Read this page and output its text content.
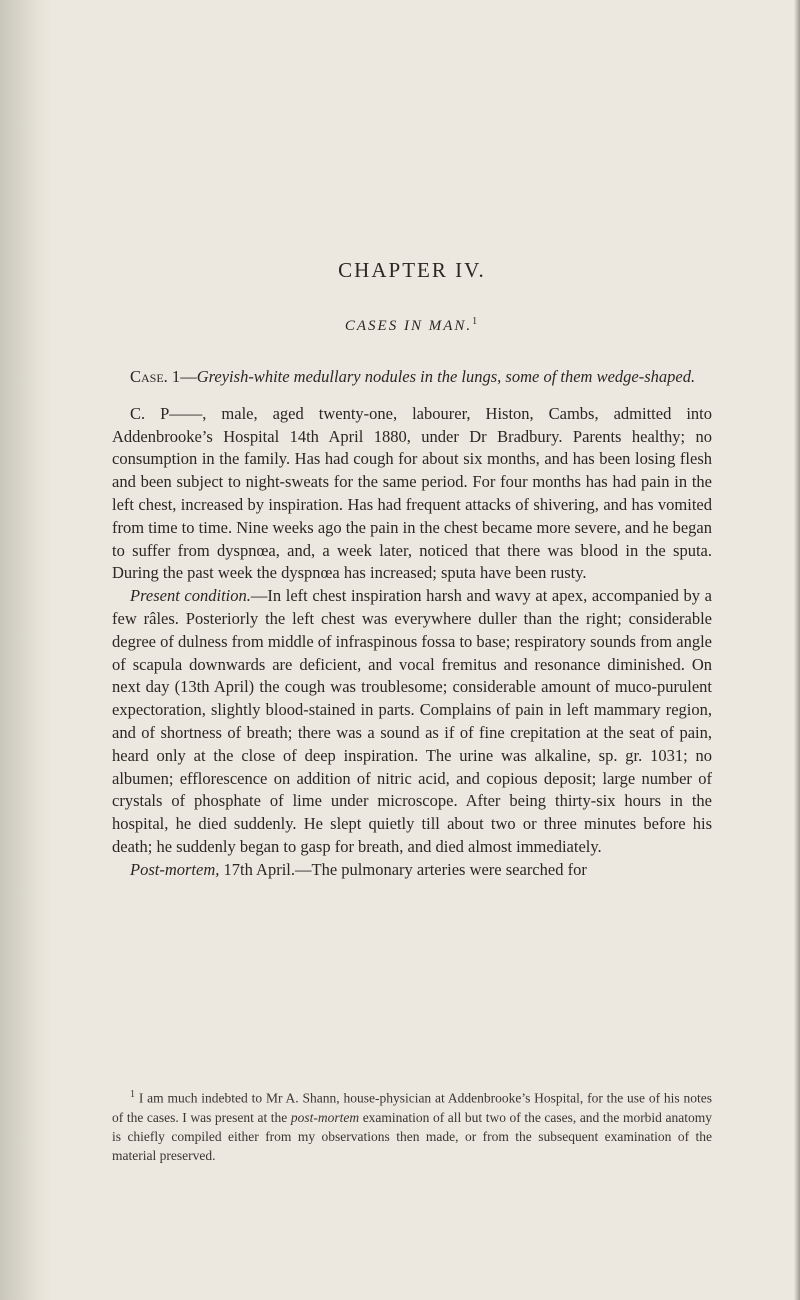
CHAPTER IV.
CASES IN MAN.$^1$

Case. 1—Greyish-white medullary nodules in the lungs, some of them wedge-shaped.

C. P——, male, aged twenty-one, labourer, Histon, Cambs, admitted into Addenbrooke’s Hospital 14th April 1880, under Dr Bradbury. Parents healthy; no consumption in the family. Has had cough for about six months, and has been losing flesh and been subject to night-sweats for the same period. For four months has had pain in the left chest, increased by inspiration. Has had frequent attacks of shivering, and has vomited from time to time. Nine weeks ago the pain in the chest became more severe, and he began to suffer from dyspnœa, and, a week later, noticed that there was blood in the sputa. During the past week the dyspnœa has increased; sputa have been rusty.

Present condition.—In left chest inspiration harsh and wavy at apex, accompanied by a few râles. Posteriorly the left chest was everywhere duller than the right; considerable degree of dulness from middle of infraspinous fossa to base; respiratory sounds from angle of scapula downwards are deficient, and vocal fremitus and resonance diminished. On next day (13th April) the cough was troublesome; considerable amount of muco-purulent expectoration, slightly blood-stained in parts. Complains of pain in left mammary region, and of shortness of breath; there was a sound as if of fine crepitation at the seat of pain, heard only at the close of deep inspiration. The urine was alkaline, sp. gr. 1031; no albumen; efflorescence on addition of nitric acid, and copious deposit; large number of crystals of phosphate of lime under microscope. After being thirty-six hours in the hospital, he died suddenly. He slept quietly till about two or three minutes before his death; he suddenly began to gasp for breath, and died almost immediately.

Post-mortem, 17th April.—The pulmonary arteries were searched for

$^1$ I am much indebted to Mr A. Shann, house-physician at Addenbrooke’s Hospital, for the use of his notes of the cases. I was present at the post-mortem examination of all but two of the cases, and the morbid anatomy is chiefly compiled either from my observations then made, or from the subsequent examination of the material preserved.
